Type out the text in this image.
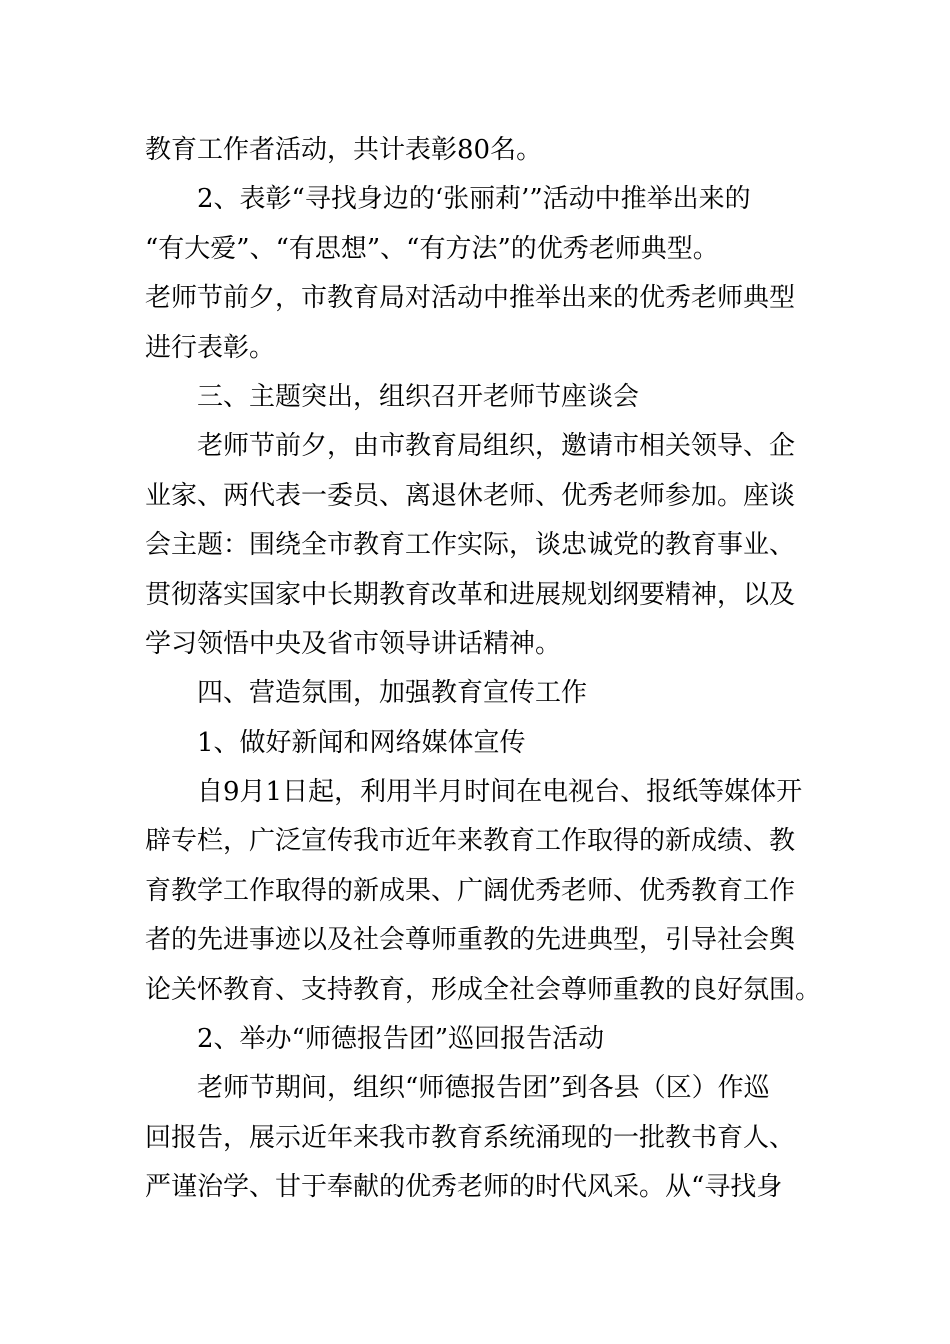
教育工作者活动，共计表彰80名。
2、表彰“寻找身边的‘张丽莉’”活动中推举出来的
“有大爱”、“有思想”、“有方法”的优秀老师典型。
老师节前夕，市教育局对活动中推举出来的优秀老师典型
进行表彰。
三、主题突出，组织召开老师节座谈会
老师节前夕，由市教育局组织，邀请市相关领导、企
业家、两代表一委员、离退休老师、优秀老师参加。座谈
会主题：围绕全市教育工作实际，谈忠诚党的教育事业、
贯彻落实国家中长期教育改革和进展规划纲要精神，以及
学习领悟中央及省市领导讲话精神。
四、营造氛围，加强教育宣传工作
1、做好新闻和网络媒体宣传
自9月1日起，利用半月时间在电视台、报纸等媒体开
辟专栏，广泛宣传我市近年来教育工作取得的新成绩、教
育教学工作取得的新成果、广阔优秀老师、优秀教育工作
者的先进事迹以及社会尊师重教的先进典型，引导社会舆
论关怀教育、支持教育，形成全社会尊师重教的良好氛围。
2、举办“师德报告团”巡回报告活动
老师节期间，组织“师德报告团”到各县（区）作巡
回报告，展示近年来我市教育系统涌现的一批教书育人、
严谨治学、甘于奉献的优秀老师的时代风采。从“寻找身
